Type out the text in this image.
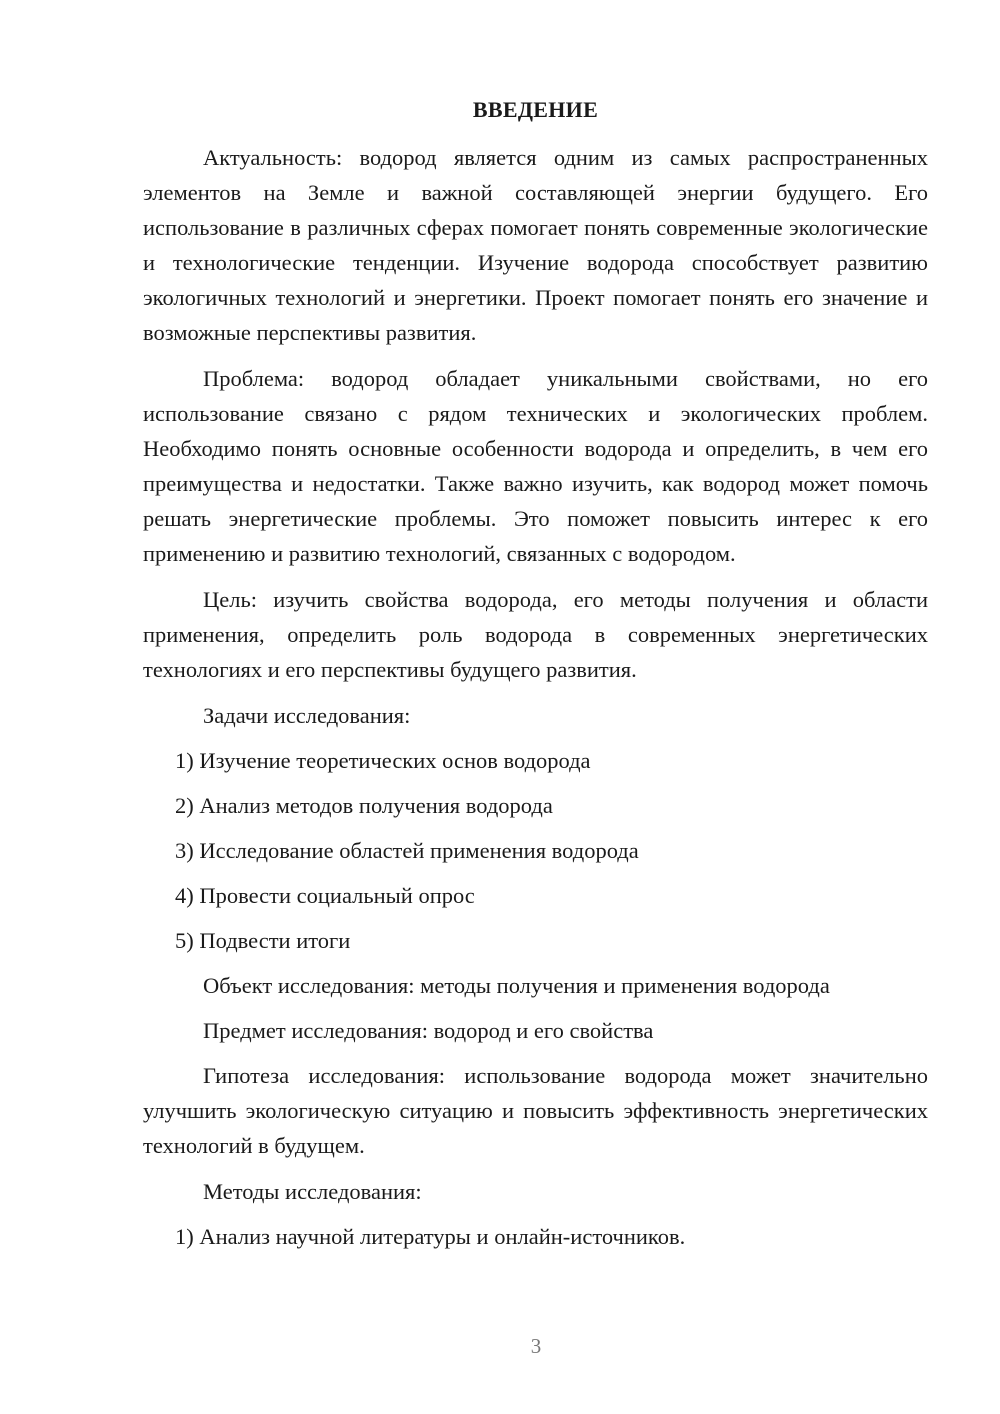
ВВЕДЕНИЕ

Актуальность: водород является одним из самых распространенных элементов на Земле и важной составляющей энергии будущего. Его использование в различных сферах помогает понять современные экологические и технологические тенденции. Изучение водорода способствует развитию экологичных технологий и энергетики. Проект помогает понять его значение и возможные перспективы развития.

Проблема: водород обладает уникальными свойствами, но его использование связано с рядом технических и экологических проблем. Необходимо понять основные особенности водорода и определить, в чем его преимущества и недостатки. Также важно изучить, как водород может помочь решать энергетические проблемы. Это поможет повысить интерес к его применению и развитию технологий, связанных с водородом.

Цель: изучить свойства водорода, его методы получения и области применения, определить роль водорода в современных энергетических технологиях и его перспективы будущего развития.

Задачи исследования:
1) Изучение теоретических основ водорода
2) Анализ методов получения водорода
3) Исследование областей применения водорода
4) Провести социальный опрос
5) Подвести итоги
Объект исследования: методы получения и применения водорода
Предмет исследования: водород и его свойства

Гипотеза исследования: использование водорода может значительно улучшить экологическую ситуацию и повысить эффективность энергетических технологий в будущем.

Методы исследования:
1) Анализ научной литературы и онлайн-источников.
3
